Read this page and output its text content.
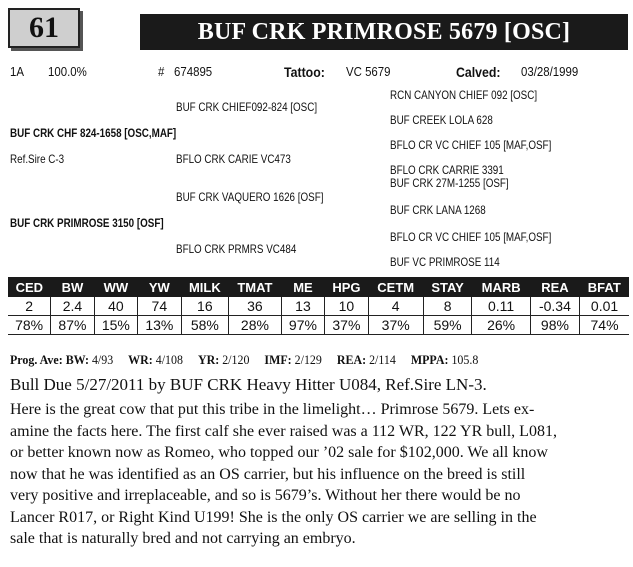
61	BUF CRK PRIMROSE 5679 [OSC]
1A 100.0%	# 674895	Tattoo: VC 5679	Calved: 03/28/1999
BUF CRK CHIEF092-824 [OSC]
RCN CANYON CHIEF 092 [OSC]
BUF CREEK LOLA 628
BUF CRK CHF 824-1658 [OSC,MAF]
BFLO CR VC CHIEF 105 [MAF,OSF]
Ref.Sire C-3	BFLO CRK CARIE VC473
BFLO CRK CARRIE 3391
BUF CRK 27M-1255 [OSF]
BUF CRK VAQUERO 1626 [OSF]
BUF CRK LANA 1268
BUF CRK PRIMROSE 3150 [OSF]
BFLO CR VC CHIEF 105 [MAF,OSF]
BFLO CRK PRMRS VC484
BUF VC PRIMROSE 114
CED	BW	WW	YW	MILK	TMAT	ME	HPG	CETM	STAY	MARB	REA	BFAT
2	2.4	40	74	16	36	13	10	4	8	0.11	-0.34	0.01
78%	87%	15%	13%	58%	28%	97%	37%	37%	59%	26%	98%	74%
Prog. Ave: BW: 4/93 WR: 4/108 YR: 2/120 IMF: 2/129 REA: 2/114 MPPA: 105.8
Bull Due 5/27/2011 by BUF CRK Heavy Hitter U084, Ref.Sire LN-3.
Here is the great cow that put this tribe in the limelight… Primrose 5679. Lets ex-
amine the facts here. The first calf she ever raised was a 112 WR, 122 YR bull, L081,
or better known now as Romeo, who topped our ’02 sale for $102,000. We all know
now that he was identified as an OS carrier, but his influence on the breed is still
very positive and irreplaceable, and so is 5679’s. Without her there would be no
Lancer R017, or Right Kind U199! She is the only OS carrier we are selling in the
sale that is naturally bred and not carrying an embryo.
